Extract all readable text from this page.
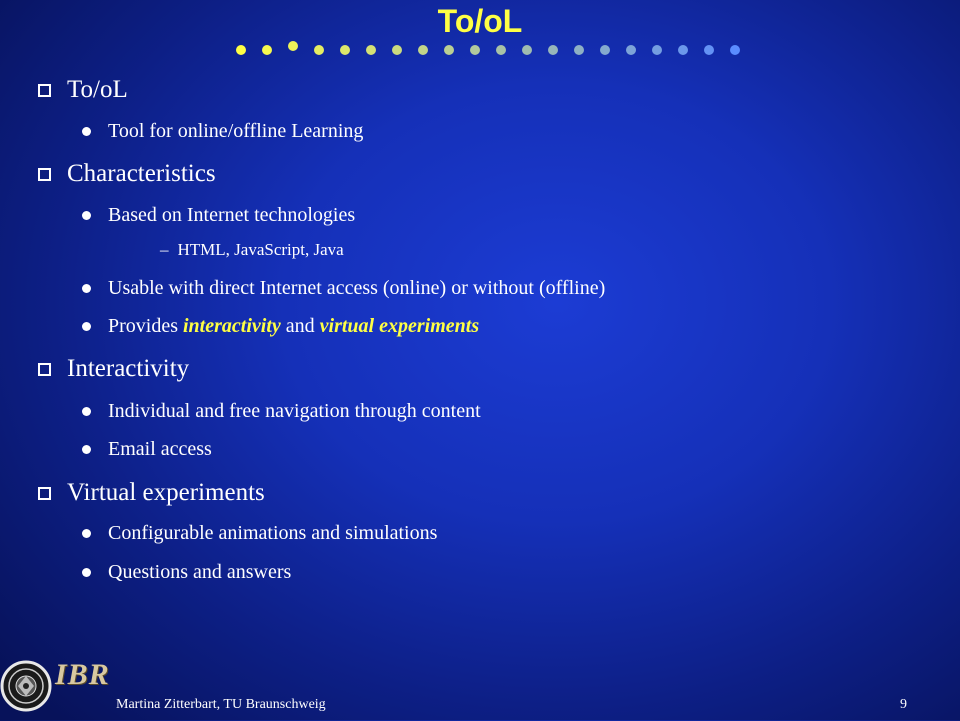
To/oL
To/oL
Tool for online/offline Learning
Characteristics
Based on Internet technologies
– HTML, JavaScript, Java
Usable with direct Internet access (online) or without (offline)
Provides interactivity and virtual experiments
Interactivity
Individual and free navigation through content
Email access
Virtual experiments
Configurable animations and simulations
Questions and answers
IBR
Martina Zitterbart, TU Braunschweig	9
